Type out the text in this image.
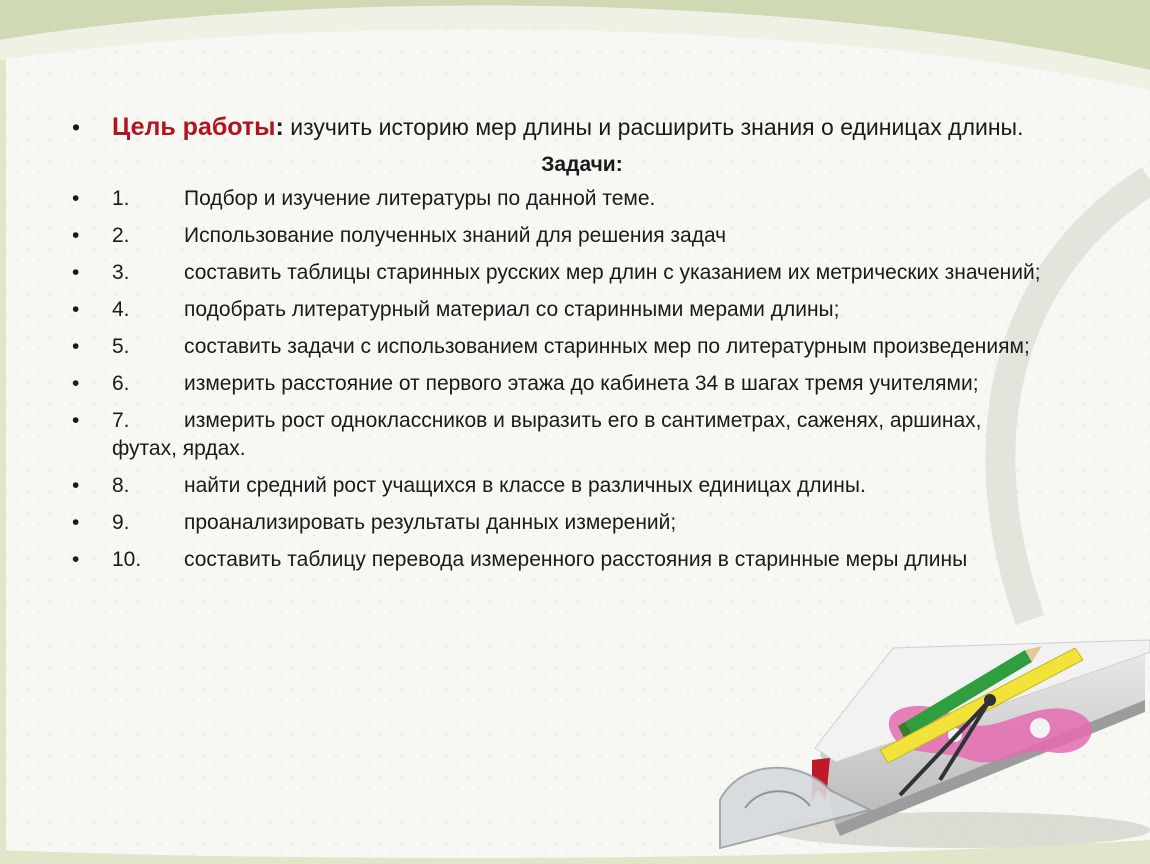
•	Цель работы: изучить историю мер длины и расширить знания о единицах длины.
Задачи:
•	1.	Подбор и изучение литературы по данной теме.
•	2.	Использование полученных знаний для решения задач
•	3.	составить таблицы старинных русских мер длин с указанием их метрических значений;
•	4.	подобрать литературный материал со старинными мерами длины;
•	5.	составить задачи с использованием старинных мер по литературным произведениям;
•	6.	измерить расстояние от первого этажа до кабинета 34 в шагах тремя учителями;
•	7.	измерить рост одноклассников и выразить его в сантиметрах, саженях, аршинах, футах, ярдах.
•	8.	найти средний рост учащихся в классе в различных единицах длины.
•	9.	проанализировать результаты данных измерений;
•	10. составить таблицу перевода измеренного расстояния в старинные меры длины
